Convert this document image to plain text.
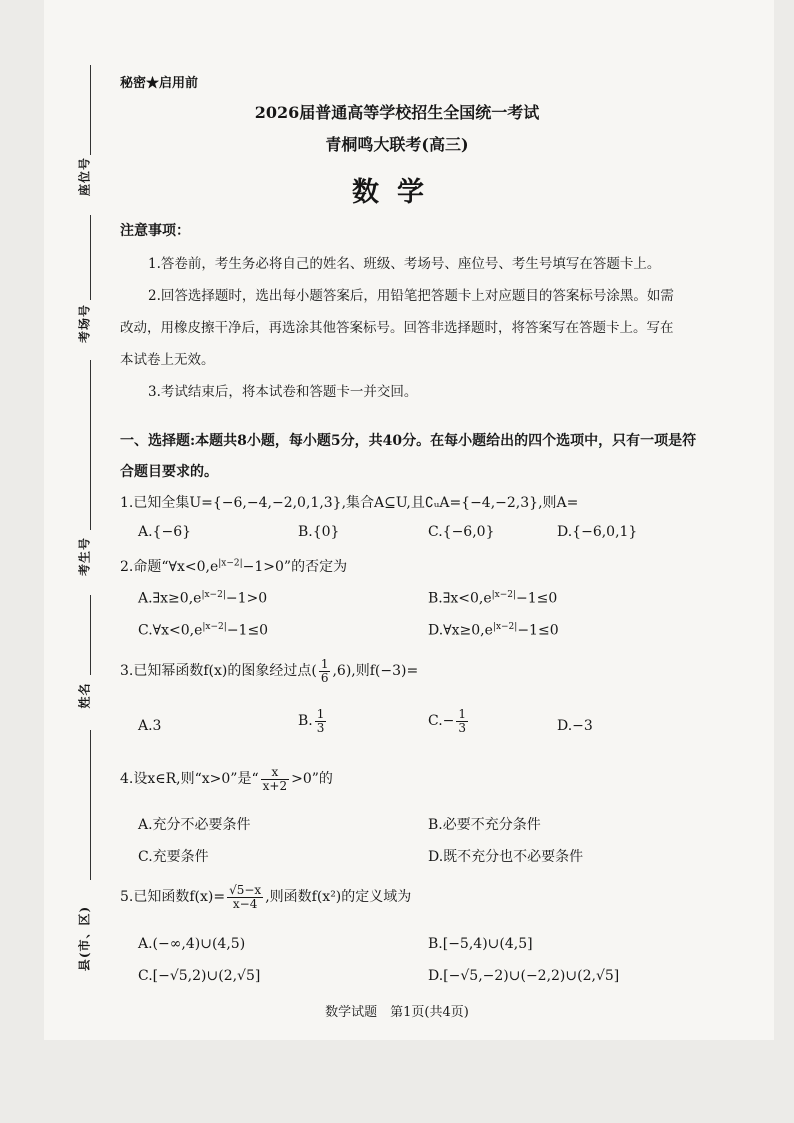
座位号
考场号
考生号
姓名
县(市、区)
秘密★启用前
2026届普通高等学校招生全国统一考试
青桐鸣大联考(高三)
数学
注意事项：
1.答卷前，考生务必将自己的姓名、班级、考场号、座位号、考生号填写在答题卡上。
2.回答选择题时，选出每小题答案后，用铅笔把答题卡上对应题目的答案标号涂黑。如需
改动，用橡皮擦干净后，再选涂其他答案标号。回答非选择题时，将答案写在答题卡上。写在
本试卷上无效。
3.考试结束后，将本试卷和答题卡一并交回。
一、选择题:本题共8小题，每小题5分，共40分。在每小题给出的四个选项中，只有一项是符
合题目要求的。
1.已知全集U={−6,−4,−2,0,1,3},集合A⊆U,且∁ᵤA={−4,−2,3},则A=
A.{−6}	B.{0}	C.{−6,0}	D.{−6,0,1}
2.命题“$\forall x<0,e^{|x-2|}-1>0$”的否定为
$A.\exists x\ge 0,e^{|x-2|}-1>0$	$B.\exists x<0,e^{|x-2|}-1\le 0$
$C.\forall x<0,e^{|x-2|}-1\le 0$	$D.\forall x\ge 0,e^{|x-2|}-1\le 0$
3.已知幂函数f(x)的图象经过点( $\frac{1}{6} ,6$),则f(−3)=
A.3	B. $\frac{1}{3}$	$C.- \frac{1}{3}$	D.−3
4.设x∈R,则“x>0”是“ $\frac{x}{x+2} >0$”的
A.充分不必要条件	B.必要不充分条件
C.充要条件	D.既不充分也不必要条件
5.已知函数$f(x)= \frac{√5-x}{x-4}$ ,则函数f(x²)的定义域为
A.(−∞,4)∪(4,5)	B.[−5,4)∪(4,5]
C.[−√5,2)∪(2,√5]	D.[−√5,−2)∪(−2,2)∪(2,√5]
数学试题　第1页(共4页)
